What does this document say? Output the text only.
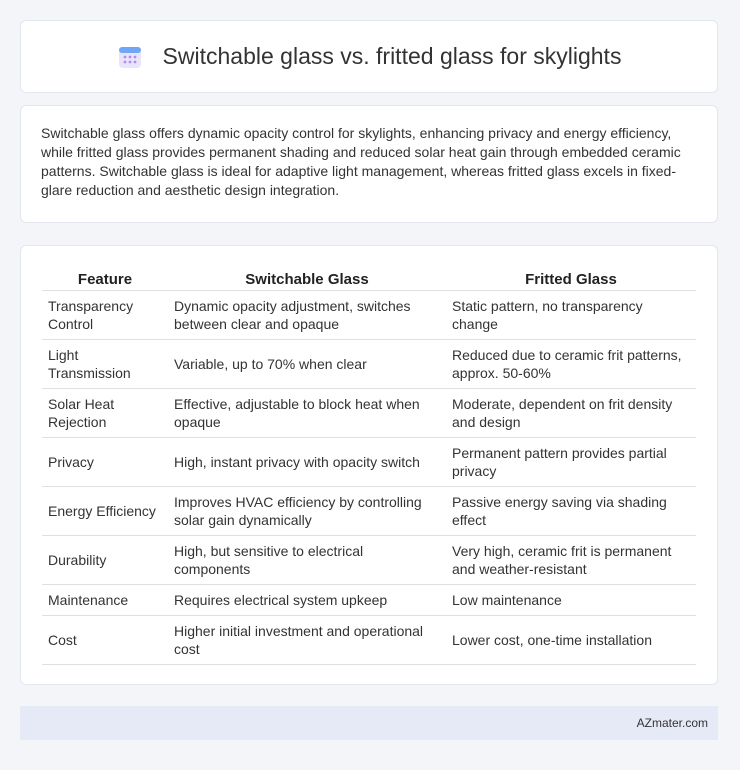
Switchable glass vs. fritted glass for skylights

Switchable glass offers dynamic opacity control for skylights, enhancing privacy and energy efficiency, while fritted glass provides permanent shading and reduced solar heat gain through embedded ceramic patterns. Switchable glass is ideal for adaptive light management, whereas fritted glass excels in fixed-glare reduction and aesthetic design integration.

Feature	Switchable Glass	Fritted Glass
Transparency Control	Dynamic opacity adjustment, switches between clear and opaque	Static pattern, no transparency change
Light Transmission	Variable, up to 70% when clear	Reduced due to ceramic frit patterns, approx. 50-60%
Solar Heat Rejection	Effective, adjustable to block heat when opaque	Moderate, dependent on frit density and design
Privacy	High, instant privacy with opacity switch	Permanent pattern provides partial privacy
Energy Efficiency	Improves HVAC efficiency by controlling solar gain dynamically	Passive energy saving via shading effect
Durability	High, but sensitive to electrical components	Very high, ceramic frit is permanent and weather-resistant
Maintenance	Requires electrical system upkeep	Low maintenance
Cost	Higher initial investment and operational cost	Lower cost, one-time installation
AZmater.com
